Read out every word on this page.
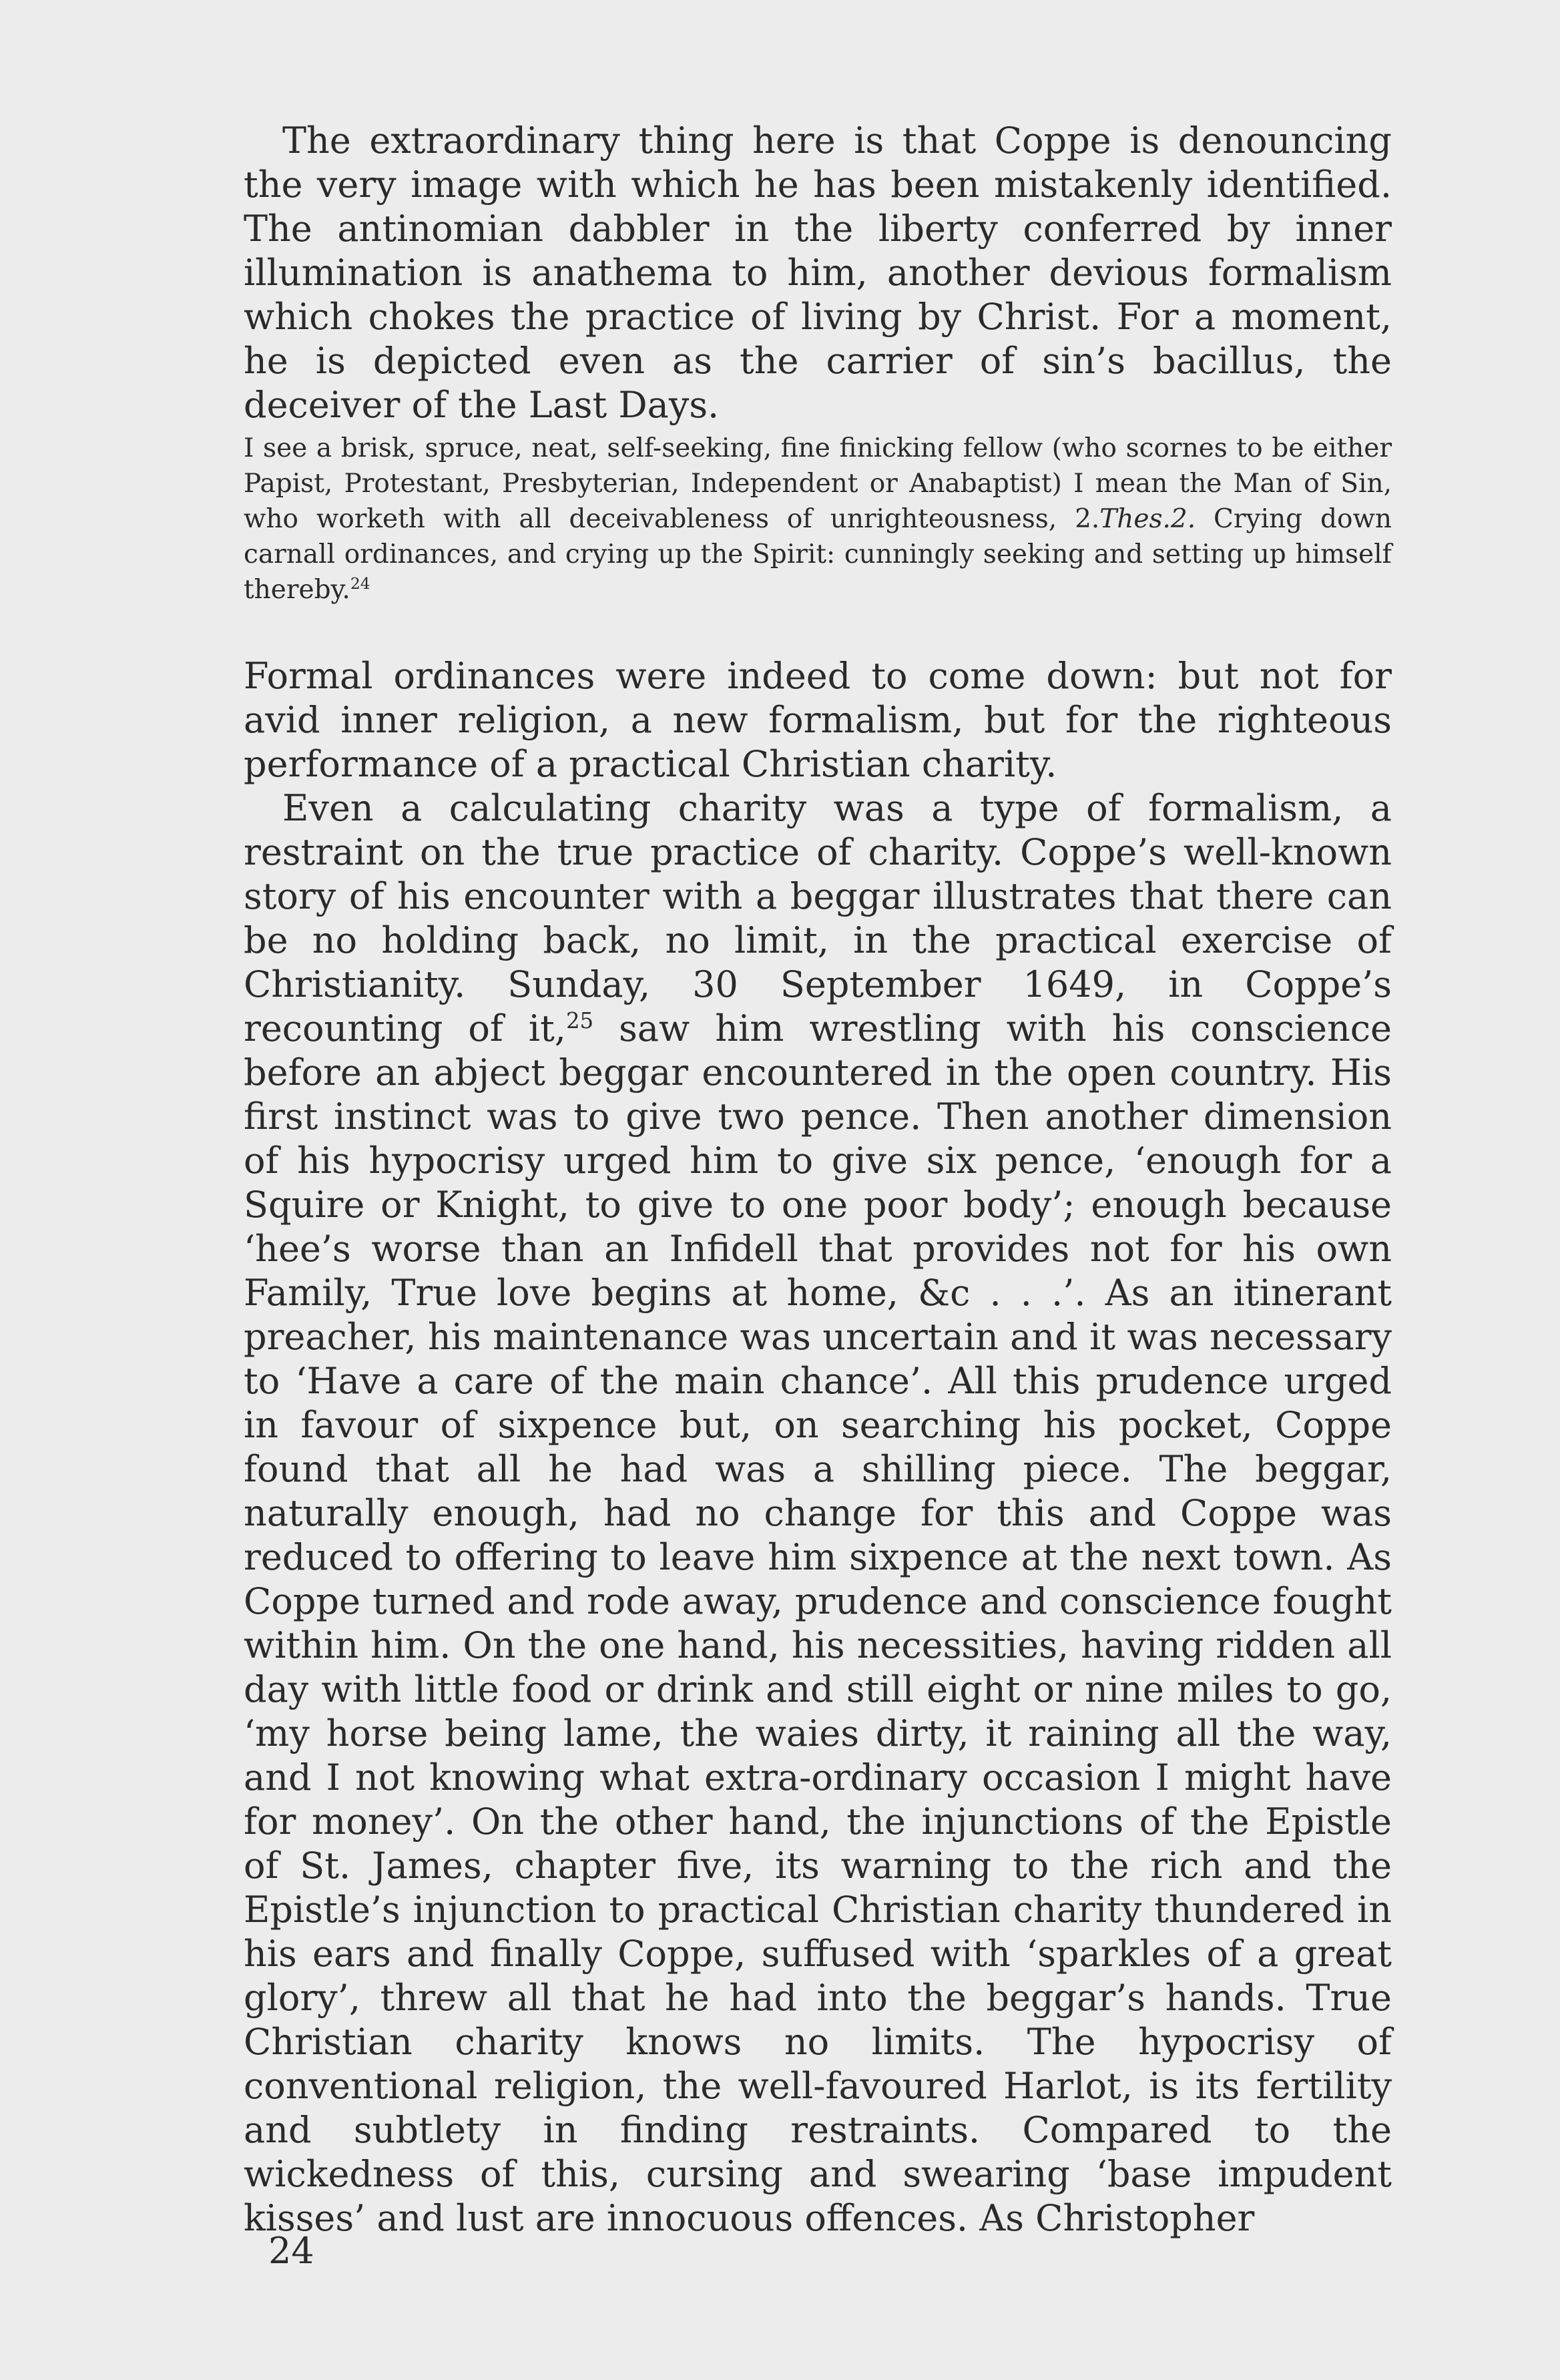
The extraordinary thing here is that Coppe is denouncing the very image with which he has been mistakenly identified. The antinomian dabbler in the liberty conferred by inner illumination is anathema to him, another devious formalism which chokes the practice of living by Christ. For a moment, he is depicted even as the carrier of sin’s bacillus, the deceiver of the Last Days.

I see a brisk, spruce, neat, self-seeking, fine finicking fellow (who scornes to be either Papist, Protestant, Presbyterian, Independent or Anabaptist) I mean the Man of Sin, who worketh with all deceivableness of unrighteousness, 2.Thes.2. Crying down carnall ordinances, and crying up the Spirit: cunningly seeking and setting up himself thereby.$^{24}$

Formal ordinances were indeed to come down: but not for avid inner religion, a new formalism, but for the righteous performance of a practical Christian charity.

Even a calculating charity was a type of formalism, a restraint on the true practice of charity. Coppe’s well-known story of his encounter with a beggar illustrates that there can be no holding back, no limit, in the practical exercise of Christianity. Sunday, 30 September 1649, in Coppe’s recounting of it,$^{25}$ saw him wrestling with his conscience before an abject beggar encountered in the open country. His first instinct was to give two pence. Then another dimension of his hypocrisy urged him to give six pence, ‘enough for a Squire or Knight, to give to one poor body’; enough because ‘hee’s worse than an Infidell that provides not for his own Family, True love begins at home, &c . . .’. As an itinerant preacher, his maintenance was uncertain and it was necessary to ‘Have a care of the main chance’. All this prudence urged in favour of sixpence but, on searching his pocket, Coppe found that all he had was a shilling piece. The beggar, naturally enough, had no change for this and Coppe was reduced to offering to leave him sixpence at the next town. As Coppe turned and rode away, prudence and conscience fought within him. On the one hand, his necessities, having ridden all day with little food or drink and still eight or nine miles to go, ‘my horse being lame, the waies dirty, it raining all the way, and I not knowing what extra-ordinary occasion I might have for money’. On the other hand, the injunctions of the Epistle of St. James, chapter five, its warning to the rich and the Epistle’s injunction to practical Christian charity thundered in his ears and finally Coppe, suffused with ‘sparkles of a great glory’, threw all that he had into the beggar’s hands. True Christian charity knows no limits. The hypocrisy of conventional religion, the well-favoured Harlot, is its fertility and subtlety in finding restraints. Compared to the wickedness of this, cursing and swearing ‘base impudent kisses’ and lust are innocuous offences. As Christopher

24
